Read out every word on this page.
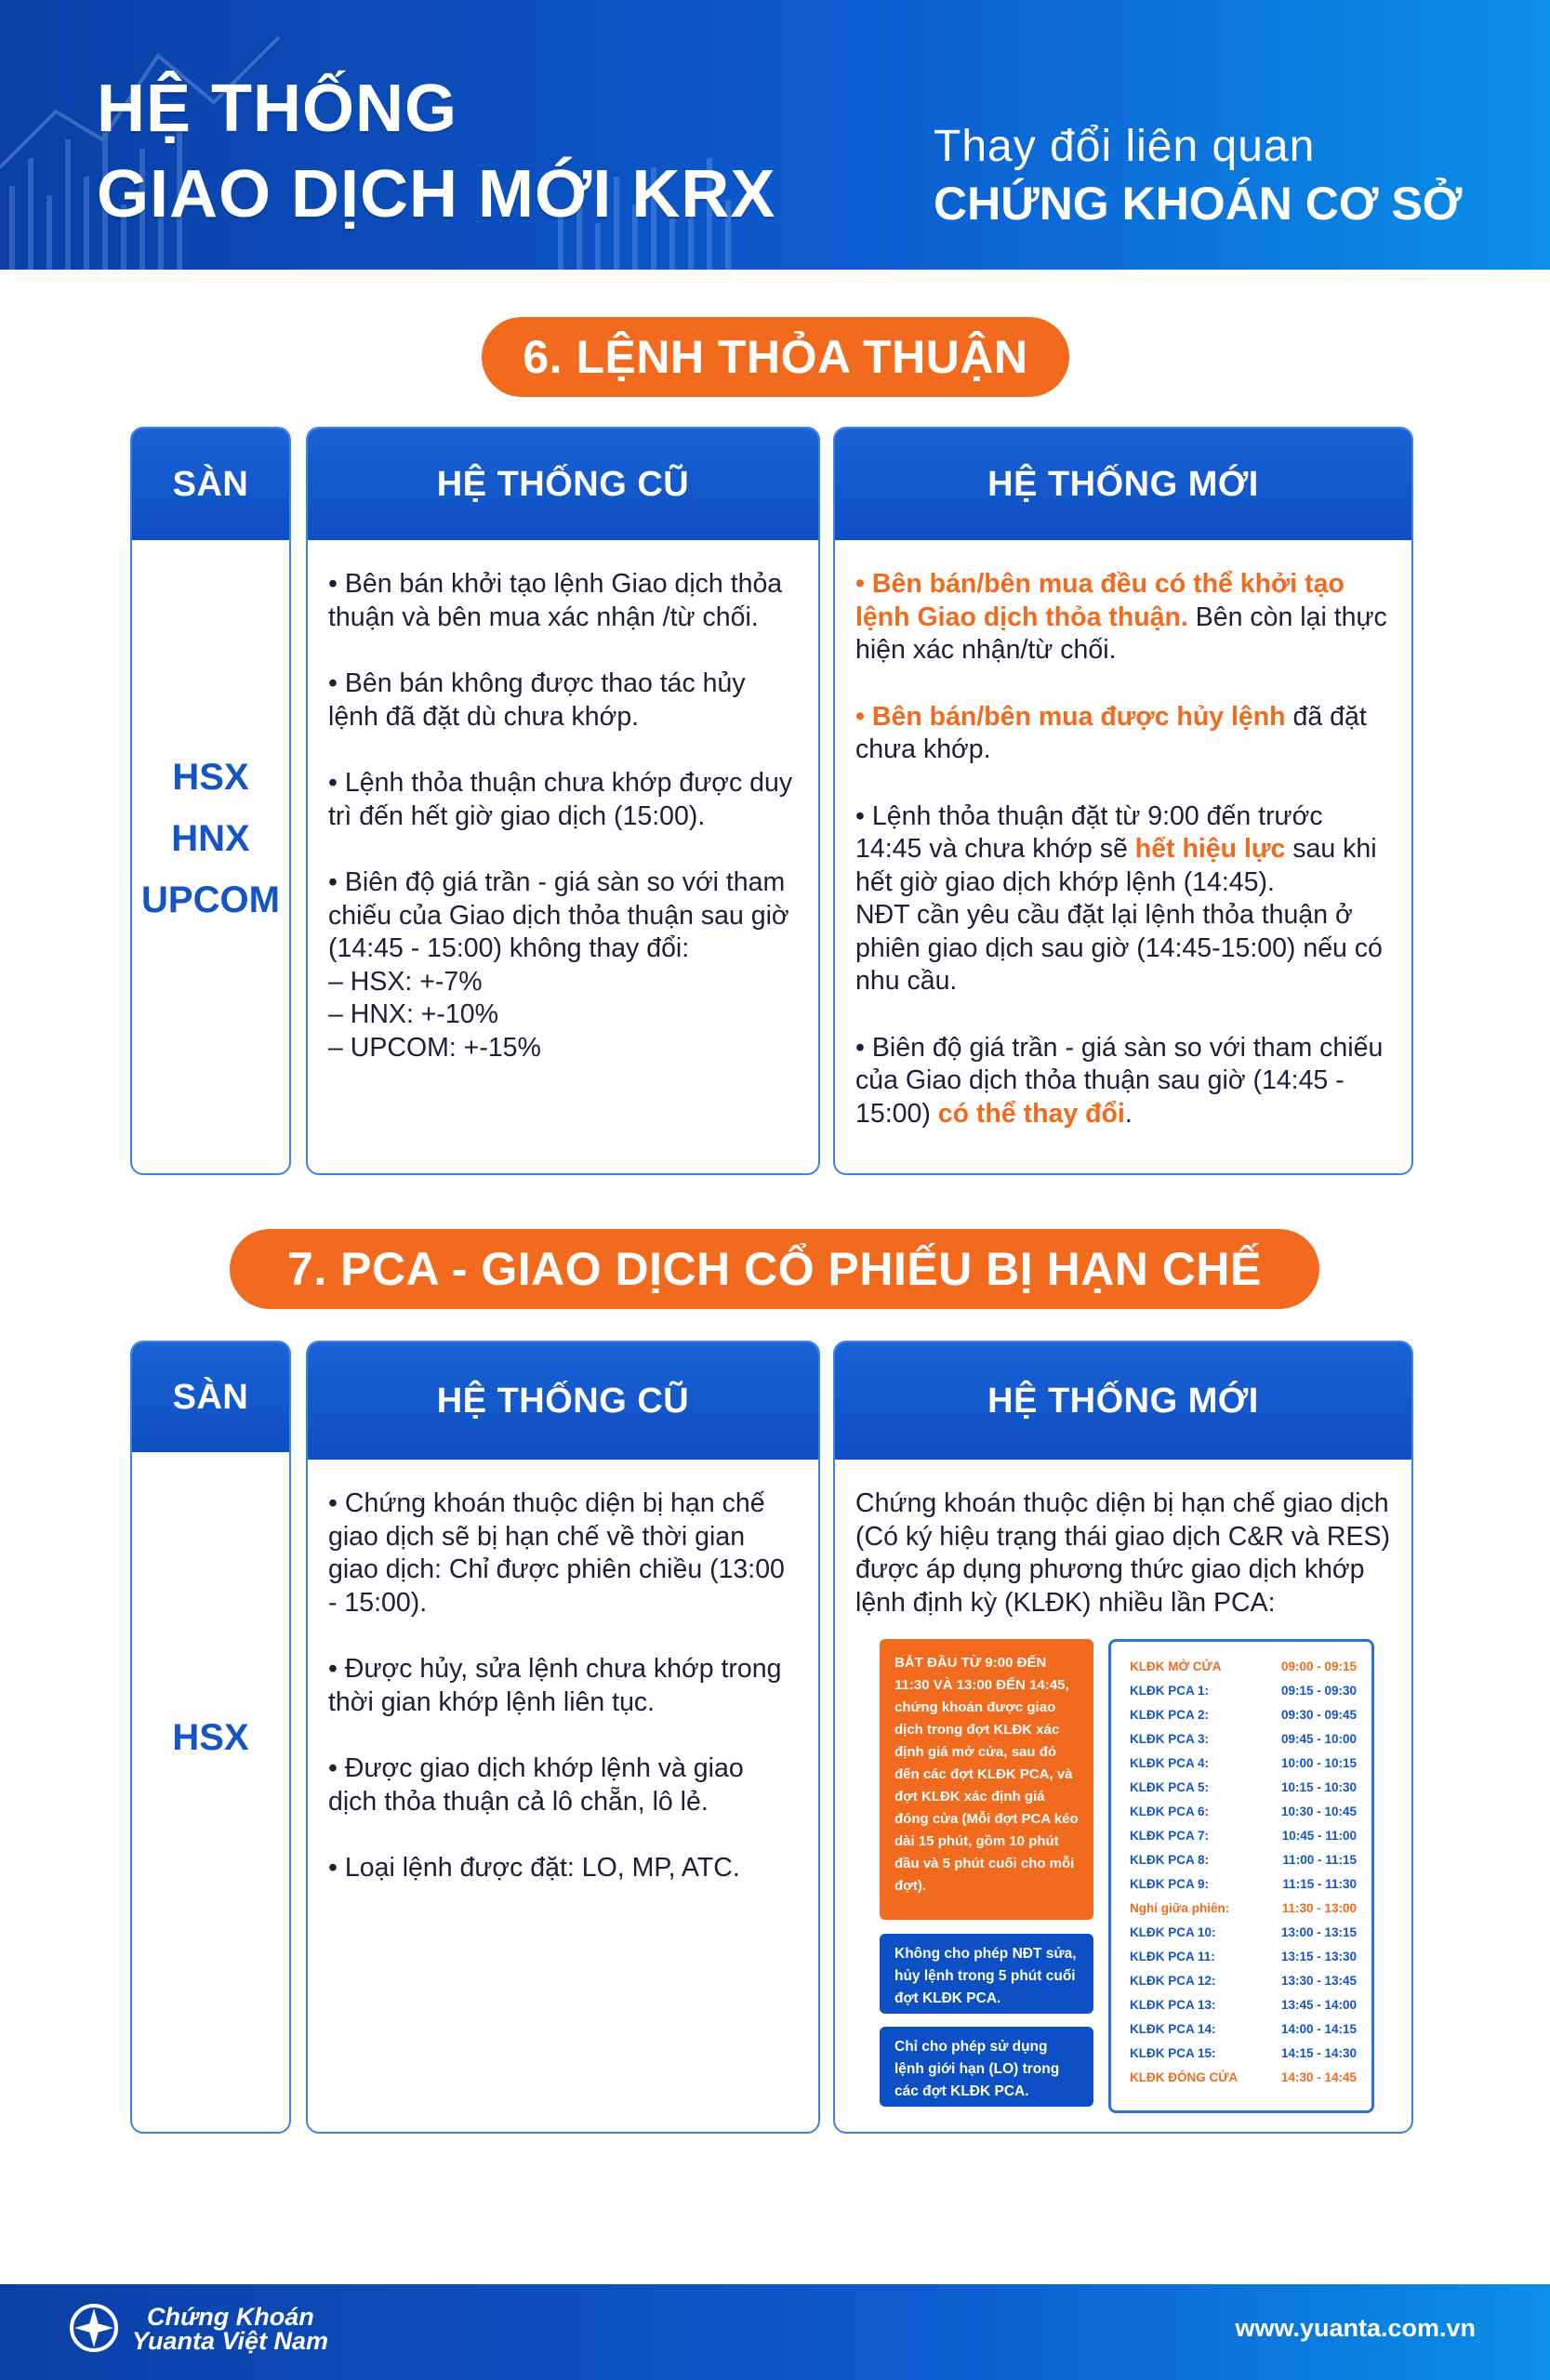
HỆ THỐNG
GIAO DỊCH MỚI KRX
Thay đổi liên quan
CHỨNG KHOÁN CƠ SỞ
6. LỆNH THỎA THUẬN
SÀN
HSX
HNX
UPCOM
HỆ THỐNG CŨ

• Bên bán khởi tạo lệnh Giao dịch thỏa thuận và bên mua xác nhận /từ chối.

• Bên bán không được thao tác hủy lệnh đã đặt dù chưa khớp.

• Lệnh thỏa thuận chưa khớp được duy trì đến hết giờ giao dịch (15:00).

• Biên độ giá trần - giá sàn so với tham chiếu của Giao dịch thỏa thuận sau giờ (14:45 - 15:00) không thay đổi:
– HSX: +-7%
– HNX: +-10%
– UPCOM: +-15%

HỆ THỐNG MỚI

• Bên bán/bên mua đều có thể khởi tạo lệnh Giao dịch thỏa thuận. Bên còn lại thực hiện xác nhận/từ chối.

• Bên bán/bên mua được hủy lệnh đã đặt chưa khớp.

• Lệnh thỏa thuận đặt từ 9:00 đến trước 14:45 và chưa khớp sẽ hết hiệu lực sau khi hết giờ giao dịch khớp lệnh (14:45).
NĐT cần yêu cầu đặt lại lệnh thỏa thuận ở phiên giao dịch sau giờ (14:45-15:00) nếu có nhu cầu.

• Biên độ giá trần - giá sàn so với tham chiếu của Giao dịch thỏa thuận sau giờ (14:45 - 15:00) có thể thay đổi.

7. PCA - GIAO DỊCH CỔ PHIẾU BỊ HẠN CHẾ
SÀN
HSX
HỆ THỐNG CŨ

• Chứng khoán thuộc diện bị hạn chế giao dịch sẽ bị hạn chế về thời gian giao dịch: Chỉ được phiên chiều (13:00 - 15:00).

• Được hủy, sửa lệnh chưa khớp trong thời gian khớp lệnh liên tục.

• Được giao dịch khớp lệnh và giao dịch thỏa thuận cả lô chẵn, lô lẻ.

• Loại lệnh được đặt: LO, MP, ATC.

HỆ THỐNG MỚI

Chứng khoán thuộc diện bị hạn chế giao dịch (Có ký hiệu trạng thái giao dịch C&R và RES) được áp dụng phương thức giao dịch khớp lệnh định kỳ (KLĐK) nhiều lần PCA:

BẮT ĐẦU TỪ 9:00 ĐẾN 11:30 VÀ 13:00 ĐẾN 14:45, chứng khoán được giao dịch trong đợt KLĐK xác định giá mở cửa, sau đó đến các đợt KLĐK PCA, và đợt KLĐK xác định giá đóng cửa (Mỗi đợt PCA kéo dài 15 phút, gồm 10 phút đầu và 5 phút cuối cho mỗi đợt).
Không cho phép NĐT sửa, hủy lệnh trong 5 phút cuối đợt KLĐK PCA.
Chỉ cho phép sử dụng lệnh giới hạn (LO) trong các đợt KLĐK PCA.
KLĐK MỞ CỬA	09:00 - 09:15
KLĐK PCA 1:	09:15 - 09:30
KLĐK PCA 2:	09:30 - 09:45
KLĐK PCA 3:	09:45 - 10:00
KLĐK PCA 4:	10:00 - 10:15
KLĐK PCA 5:	10:15 - 10:30
KLĐK PCA 6:	10:30 - 10:45
KLĐK PCA 7:	10:45 - 11:00
KLĐK PCA 8:	11:00 - 11:15
KLĐK PCA 9:	11:15 - 11:30
Nghỉ giữa phiên:	11:30 - 13:00
KLĐK PCA 10:	13:00 - 13:15
KLĐK PCA 11:	13:15 - 13:30
KLĐK PCA 12:	13:30 - 13:45
KLĐK PCA 13:	13:45 - 14:00
KLĐK PCA 14:	14:00 - 14:15
KLĐK PCA 15:	14:15 - 14:30
KLĐK ĐÓNG CỬA	14:30 - 14:45
Chứng Khoán
Yuanta Việt Nam	www.yuanta.com.vn
